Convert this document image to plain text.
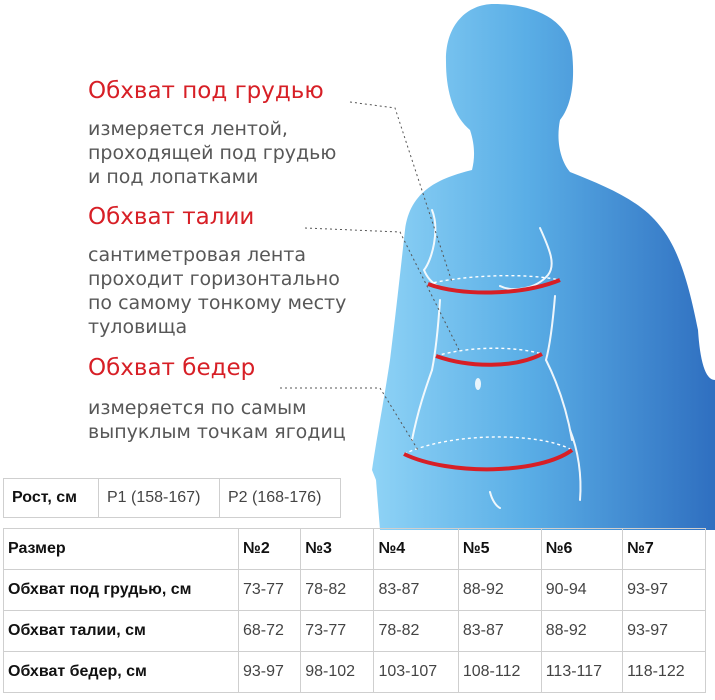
Обхват под грудью

измеряется лентой,
проходящей под грудью
и под лопатками

Обхват талии

сантиметровая лента
проходит горизонтально
по самому тонкому месту
туловища

Обхват бедер

измеряется по самым
выпуклым точкам ягодиц

Рост, см	P1 (158-167)	P2 (168-176)
Размер	№2	№3	№4	№5	№6	№7
Обхват под грудью, см	73-77	78-82	83-87	88-92	90-94	93-97
Обхват талии, см	68-72	73-77	78-82	83-87	88-92	93-97
Обхват бедер, см	93-97	98-102	103-107	108-112	113-117	118-122
